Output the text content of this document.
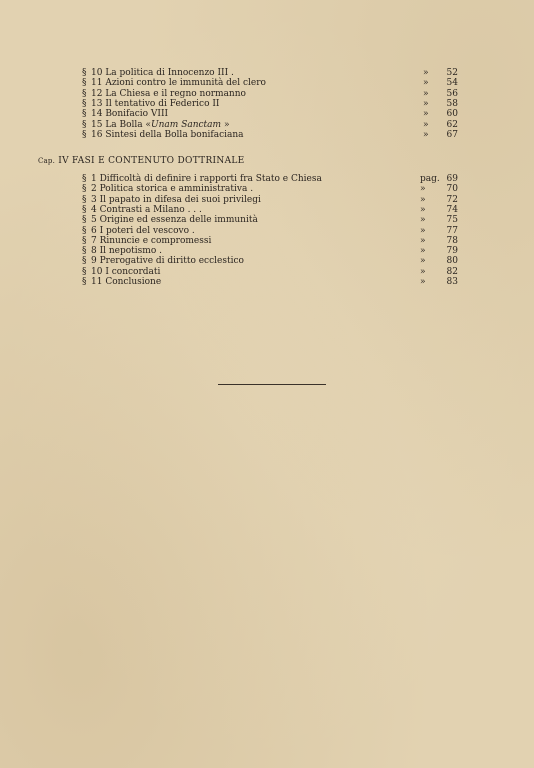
§ 10 La politica di Innocenzo III .	»	52
§ 11 Azioni contro le immunità del clero	»	54
§ 12 La Chiesa e il regno normanno	»	56
§ 13 Il tentativo di Federico II	»	58
§ 14 Bonifacio VIII	»	60
§ 15 La Bolla «Unam Sanctam »	»	62
§ 16 Sintesi della Bolla bonifaciana	»	67
Cap. IV FASI E CONTENUTO DOTTRINALE
§ 1 Difficoltà di definire i rapporti fra Stato e Chiesa	pag. 69
§ 2 Politica storica e amministrativa .	»	70
§ 3 Il papato in difesa dei suoi privilegi	»	72
§ 4 Contrasti a Milano . . .	»	74
§ 5 Origine ed essenza delle immunità	»	75
§ 6 I poteri del vescovo .	»	77
§ 7 Rinuncie e compromessi	»	78
§ 8 Il nepotismo .	»	79
§ 9 Prerogative di diritto ecclestico	»	80
§ 10 I concordati	»	82
§ 11 Conclusione	»	83
